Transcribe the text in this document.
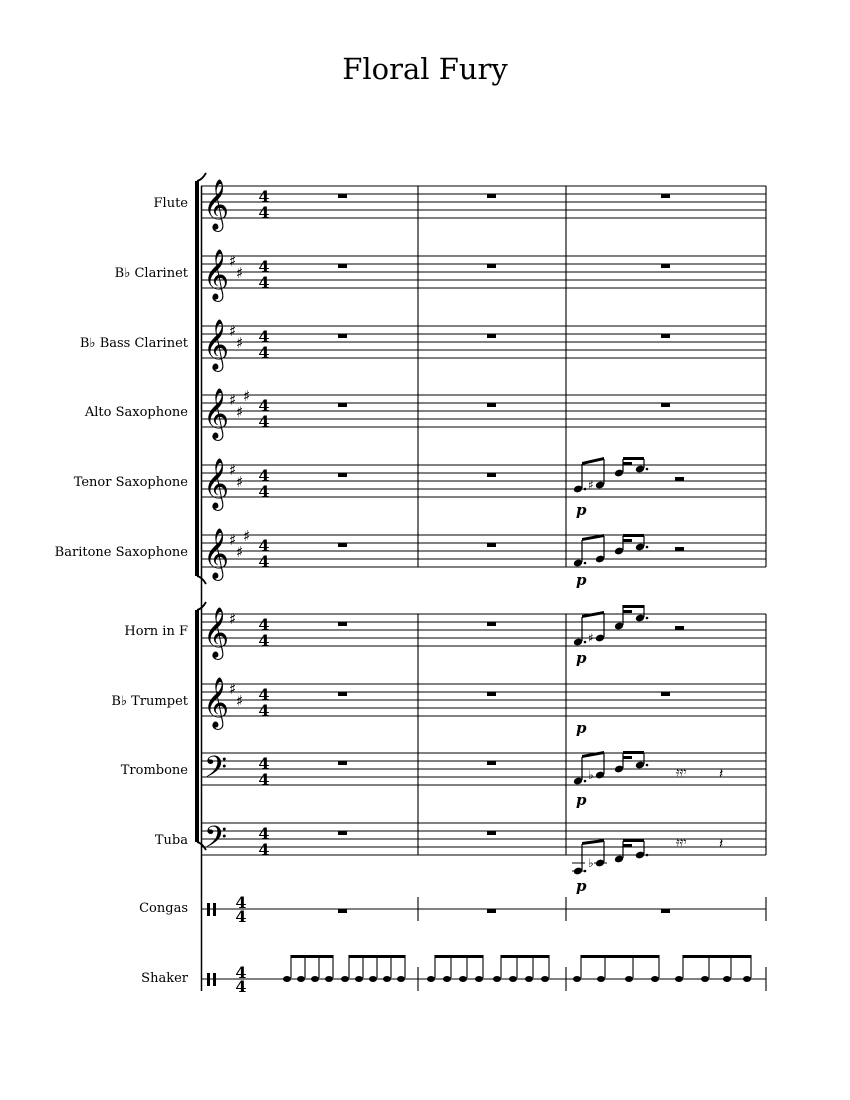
Floral Fury
Flute
B♭ Clarinet
B♭ Bass Clarinet
Alto Saxophone
Tenor Saxophone
Baritone Saxophone
Horn in F
B♭ Trumpet
Trombone
Tuba
Congas
Shaker
𝄞
𝄞
𝄞
𝄞
𝄞
𝄞
𝄞
𝄞
𝄢
𝄢
♯
♯
♯
♯
♯
♯
♯
♯
♯
♯
♯
♯
♯
♯
♯
4
4
4
4
4
4
4
4
4
4
4
4
4
4
4
4
4
4
4
4
4
4
4
4
♯
p
p
♯
p
p
♭	𝄿𝄿𝄾 𝄽
p
♭
𝄿𝄿𝄾 𝄽
p
